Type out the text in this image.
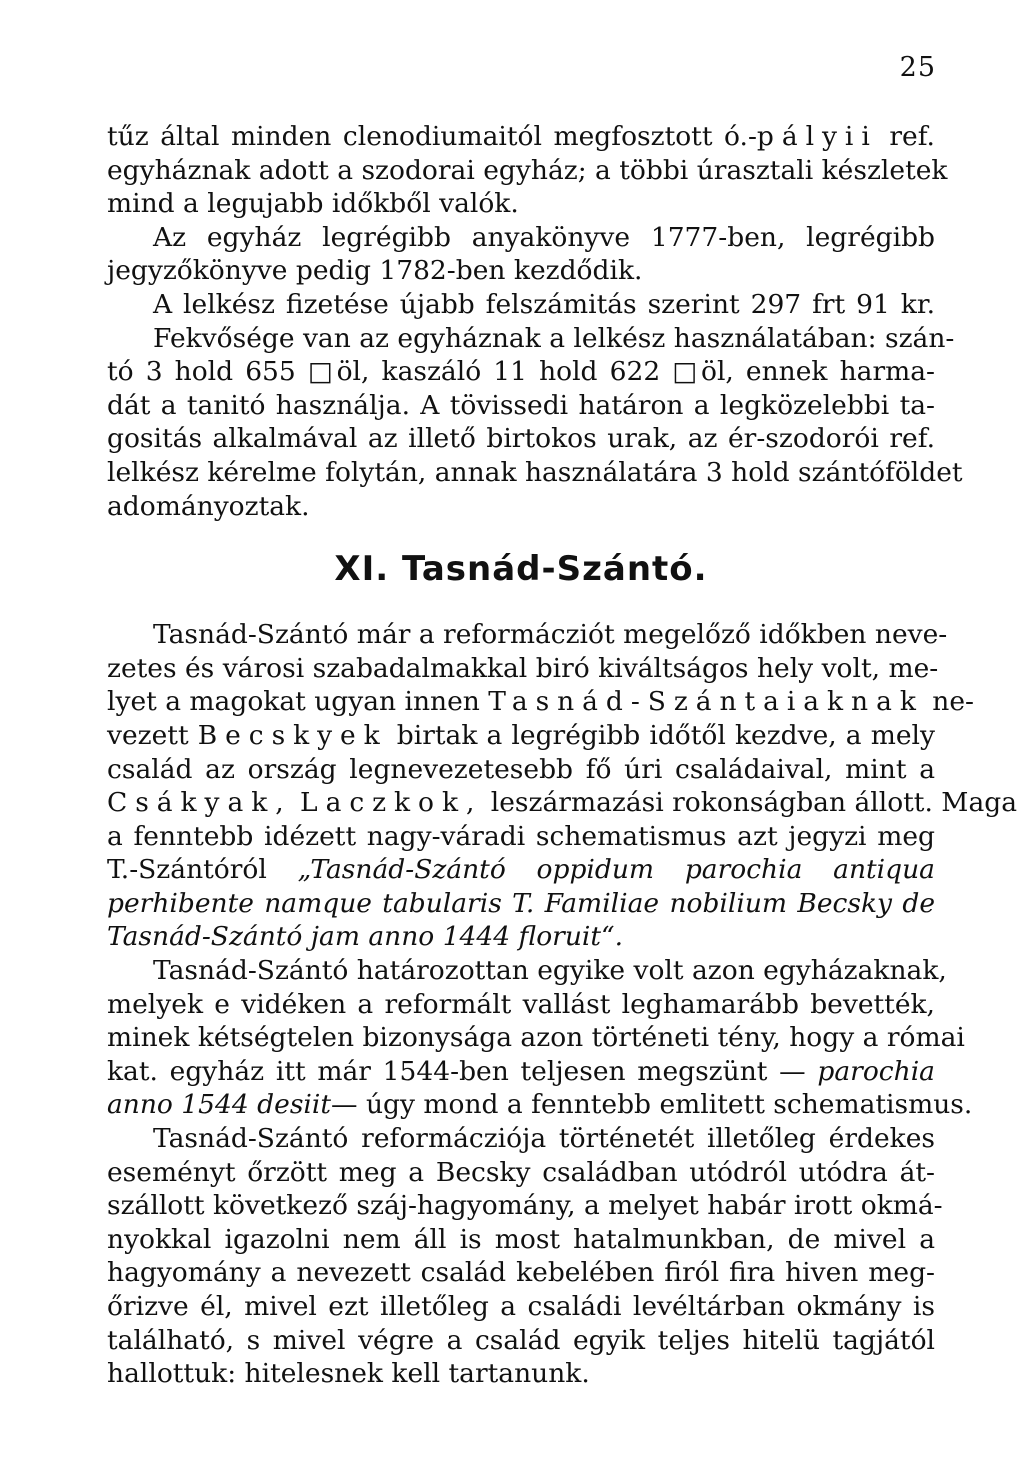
25
tűz által minden clenodiumaitól megfosztott ó.-pályii ref.
egyháznak adott a szodorai egyház; a többi úrasztali készletek
mind a legujabb időkből valók.
Az egyház legrégibb anyakönyve 1777-ben, legrégibb
jegyzőkönyve pedig 1782-ben kezdődik.
A lelkész fizetése újabb felszámitás szerint 297 frt 91 kr.
Fekvősége van az egyháznak a lelkész használatában: szán-
tó 3 hold 655 □öl, kaszáló 11 hold 622 □öl, ennek harma-
dát a tanitó használja. A tövissedi határon a legközelebbi ta-
gositás alkalmával az illető birtokos urak, az ér-szodorói ref.
lelkész kérelme folytán, annak használatára 3 hold szántóföldet
adományoztak.
XI. Tasnád-Szántó.
Tasnád-Szántó már a reformácziót megelőző időkben neve-
zetes és városi szabadalmakkal biró kiváltságos hely volt, me-
lyet a magokat ugyan innen Tasnád-Szántaiaknak ne-
vezett Becskyek birtak a legrégibb időtől kezdve, a mely
család az ország legnevezetesebb fő úri családaival, mint a
Csákyak, Laczkok, leszármazási rokonságban állott. Maga
a fenntebb idézett nagy-váradi schematismus azt jegyzi meg
T.-Szántóról „Tasnád-Szántó oppidum parochia antiqua
perhibente namque tabularis T. Familiae nobilium Becsky de
Tasnád-Szántó jam anno 1444 floruit“.
Tasnád-Szántó határozottan egyike volt azon egyházaknak,
melyek e vidéken a reformált vallást leghamarább bevették,
minek kétségtelen bizonysága azon történeti tény, hogy a római
kat. egyház itt már 1544-ben teljesen megszünt — parochia
anno 1544 desiit— úgy mond a fenntebb emlitett schematismus.
Tasnád-Szántó reformácziója történetét illetőleg érdekes
eseményt őrzött meg a Becsky családban utódról utódra át-
szállott következő száj-hagyomány, a melyet habár irott okmá-
nyokkal igazolni nem áll is most hatalmunkban, de mivel a
hagyomány a nevezett család kebelében firól fira hiven meg-
őrizve él, mivel ezt illetőleg a családi levéltárban okmány is
található, s mivel végre a család egyik teljes hitelü tagjától
hallottuk: hitelesnek kell tartanunk.
